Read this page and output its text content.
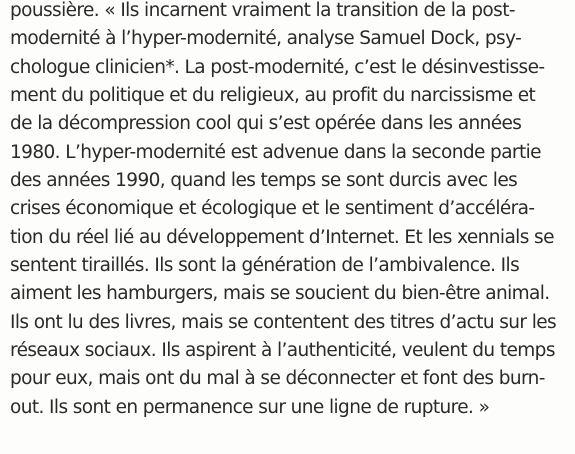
poussière. « Ils incarnent vraiment la transition de la post-
modernité à l’hyper-modernité, analyse Samuel Dock, psy-
chologue clinicien*. La post-modernité, c’est le désinvestisse-
ment du politique et du religieux, au profit du narcissisme et
de la décompression cool qui s’est opérée dans les années
1980. L’hyper-modernité est advenue dans la seconde partie
des années 1990, quand les temps se sont durcis avec les
crises économique et écologique et le sentiment d’accéléra-
tion du réel lié au développement d’Internet. Et les xennials se
sentent tiraillés. Ils sont la génération de l’ambivalence. Ils
aiment les hamburgers, mais se soucient du bien-être animal.
Ils ont lu des livres, mais se contentent des titres d’actu sur les
réseaux sociaux. Ils aspirent à l’authenticité, veulent du temps
pour eux, mais ont du mal à se déconnecter et font des burn-
out. Ils sont en permanence sur une ligne de rupture. »
